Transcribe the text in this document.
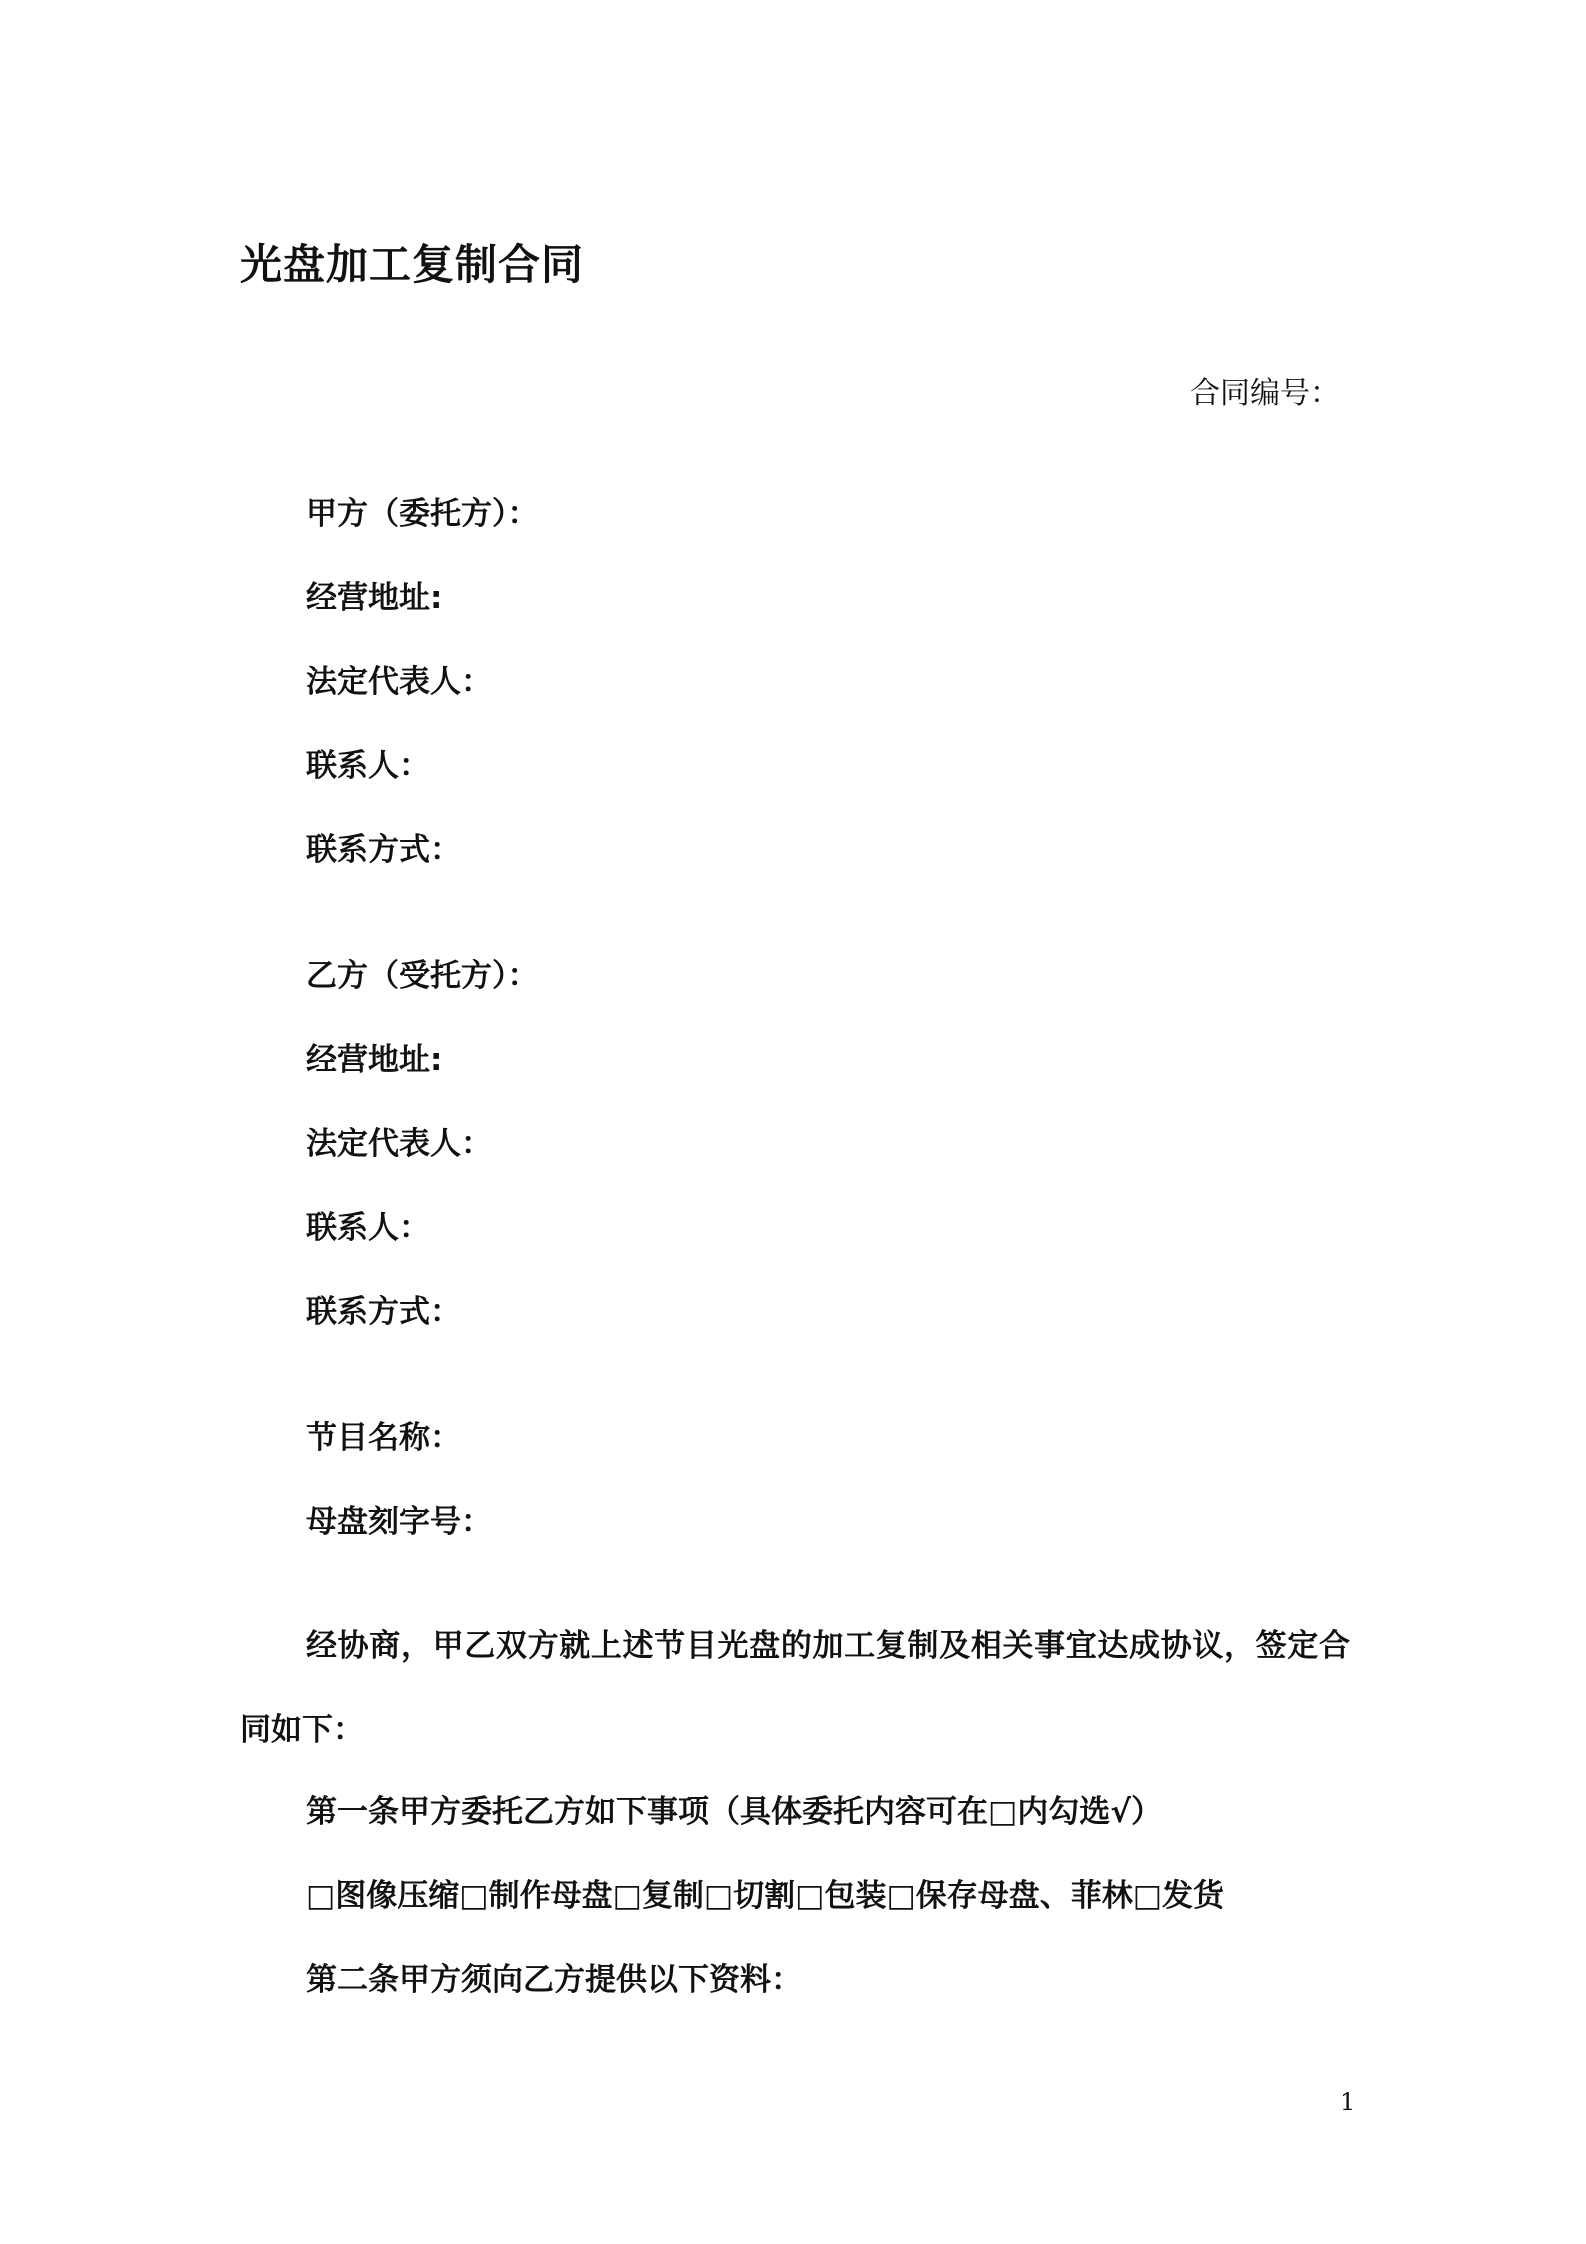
光盘加工复制合同
合同编号：
甲方（委托方）：
经营地址:
法定代表人：
联系人：
联系方式：
乙方（受托方）：
经营地址:
法定代表人：
联系人：
联系方式：
节目名称：
母盘刻字号：
经协商，甲乙双方就上述节目光盘的加工复制及相关事宜达成协议，签定合同如下：
第一条甲方委托乙方如下事项（具体委托内容可在□内勾选√）
□图像压缩□制作母盘□复制□切割□包装□保存母盘、菲林□发货
第二条甲方须向乙方提供以下资料：
1
